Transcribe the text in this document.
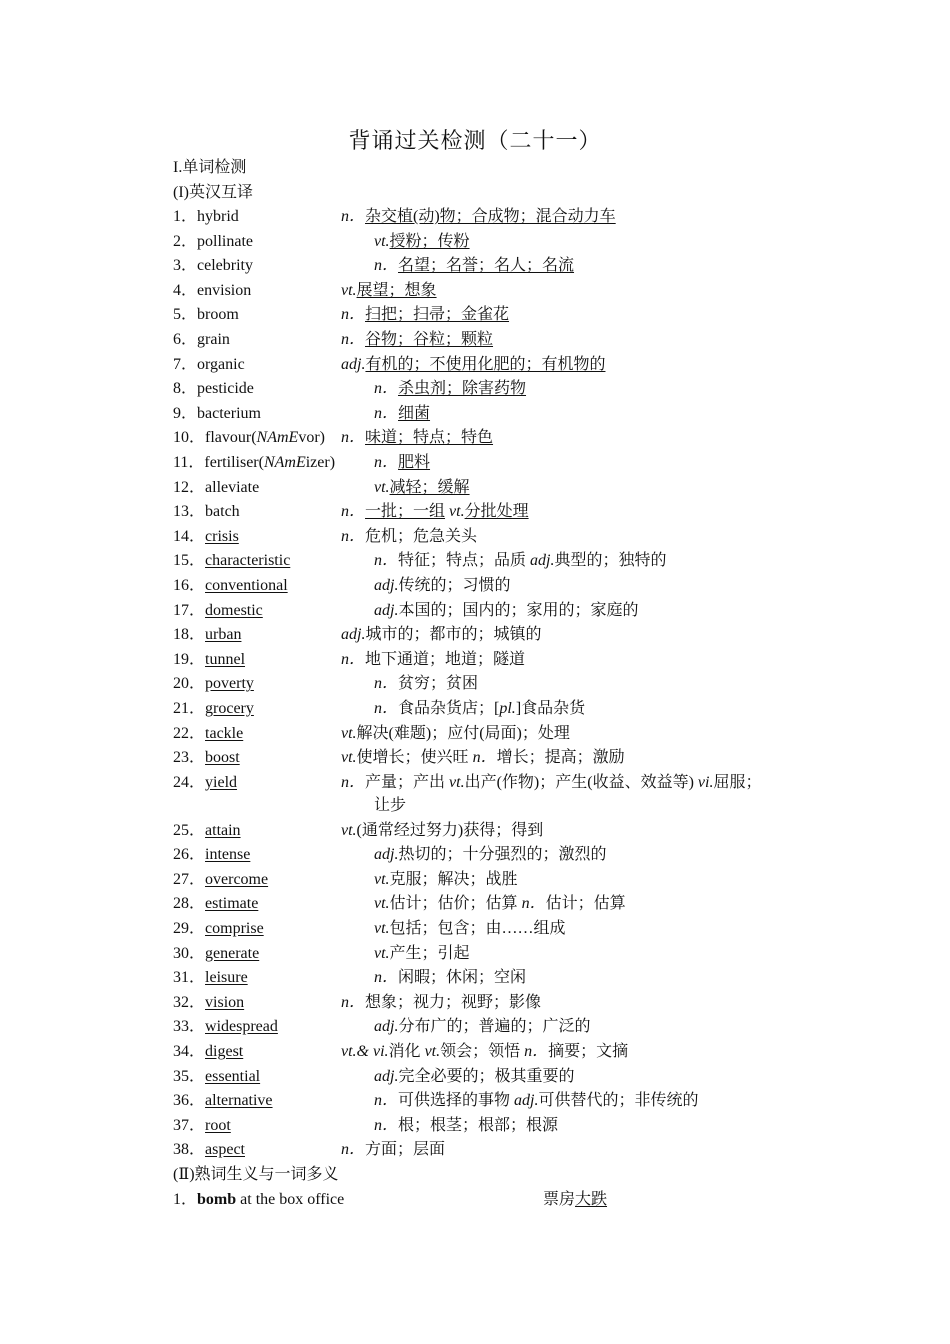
背诵过关检测（二十一）
I.单词检测
(I)英汉互译
1．hybrid	n．杂交植(动)物；合成物；混合动力车
2．pollinate	vt.授粉；传粉
3．celebrity	n．名望；名誉；名人；名流
4．envision	vt.展望；想象
5．broom	n．扫把；扫帚；金雀花
6．grain	n．谷物；谷粒；颗粒
7．organic	adj.有机的；不使用化肥的；有机物的
8．pesticide	n．杀虫剂；除害药物
9．bacterium	n．细菌
10．flavour(NAmEvor) n．味道；特点；特色
11．fertiliser(NAmEizer) n．肥料
12．alleviate	vt.减轻；缓解
13．batch	n．一批；一组 vt.分批处理
14．crisis	n．危机；危急关头
15．characteristic	n．特征；特点；品质 adj.典型的；独特的
16．conventional	adj.传统的；习惯的
17．domestic	adj.本国的；国内的；家用的；家庭的
18．urban	adj.城市的；都市的；城镇的
19．tunnel	n．地下通道；地道；隧道
20．poverty	n．贫穷；贫困
21．grocery	n．食品杂货店；[pl.]食品杂货
22．tackle	vt.解决(难题)；应付(局面)；处理
23．boost	vt.使增长；使兴旺 n．增长；提高；激励
24．yield	n．产量；产出 vt.出产(作物)；产生(收益、效益等) vi.屈服；
让步
25．attain	vt.(通常经过努力)获得；得到
26．intense	adj.热切的；十分强烈的；激烈的
27．overcome	vt.克服；解决；战胜
28．estimate	vt.估计；估价；估算 n．估计；估算
29．comprise	vt.包括；包含；由……组成
30．generate	vt.产生；引起
31．leisure	n．闲暇；休闲；空闲
32．vision	n．想象；视力；视野；影像
33．widespread	adj.分布广的；普遍的；广泛的
34．digest	vt.& vi.消化 vt.领会；领悟 n．摘要；文摘
35．essential	adj.完全必要的；极其重要的
36．alternative	n．可供选择的事物 adj.可供替代的；非传统的
37．root	n．根；根茎；根部；根源
38．aspect	n．方面；层面
(Ⅱ)熟词生义与一词多义
1．bomb at the box office	票房大跌
